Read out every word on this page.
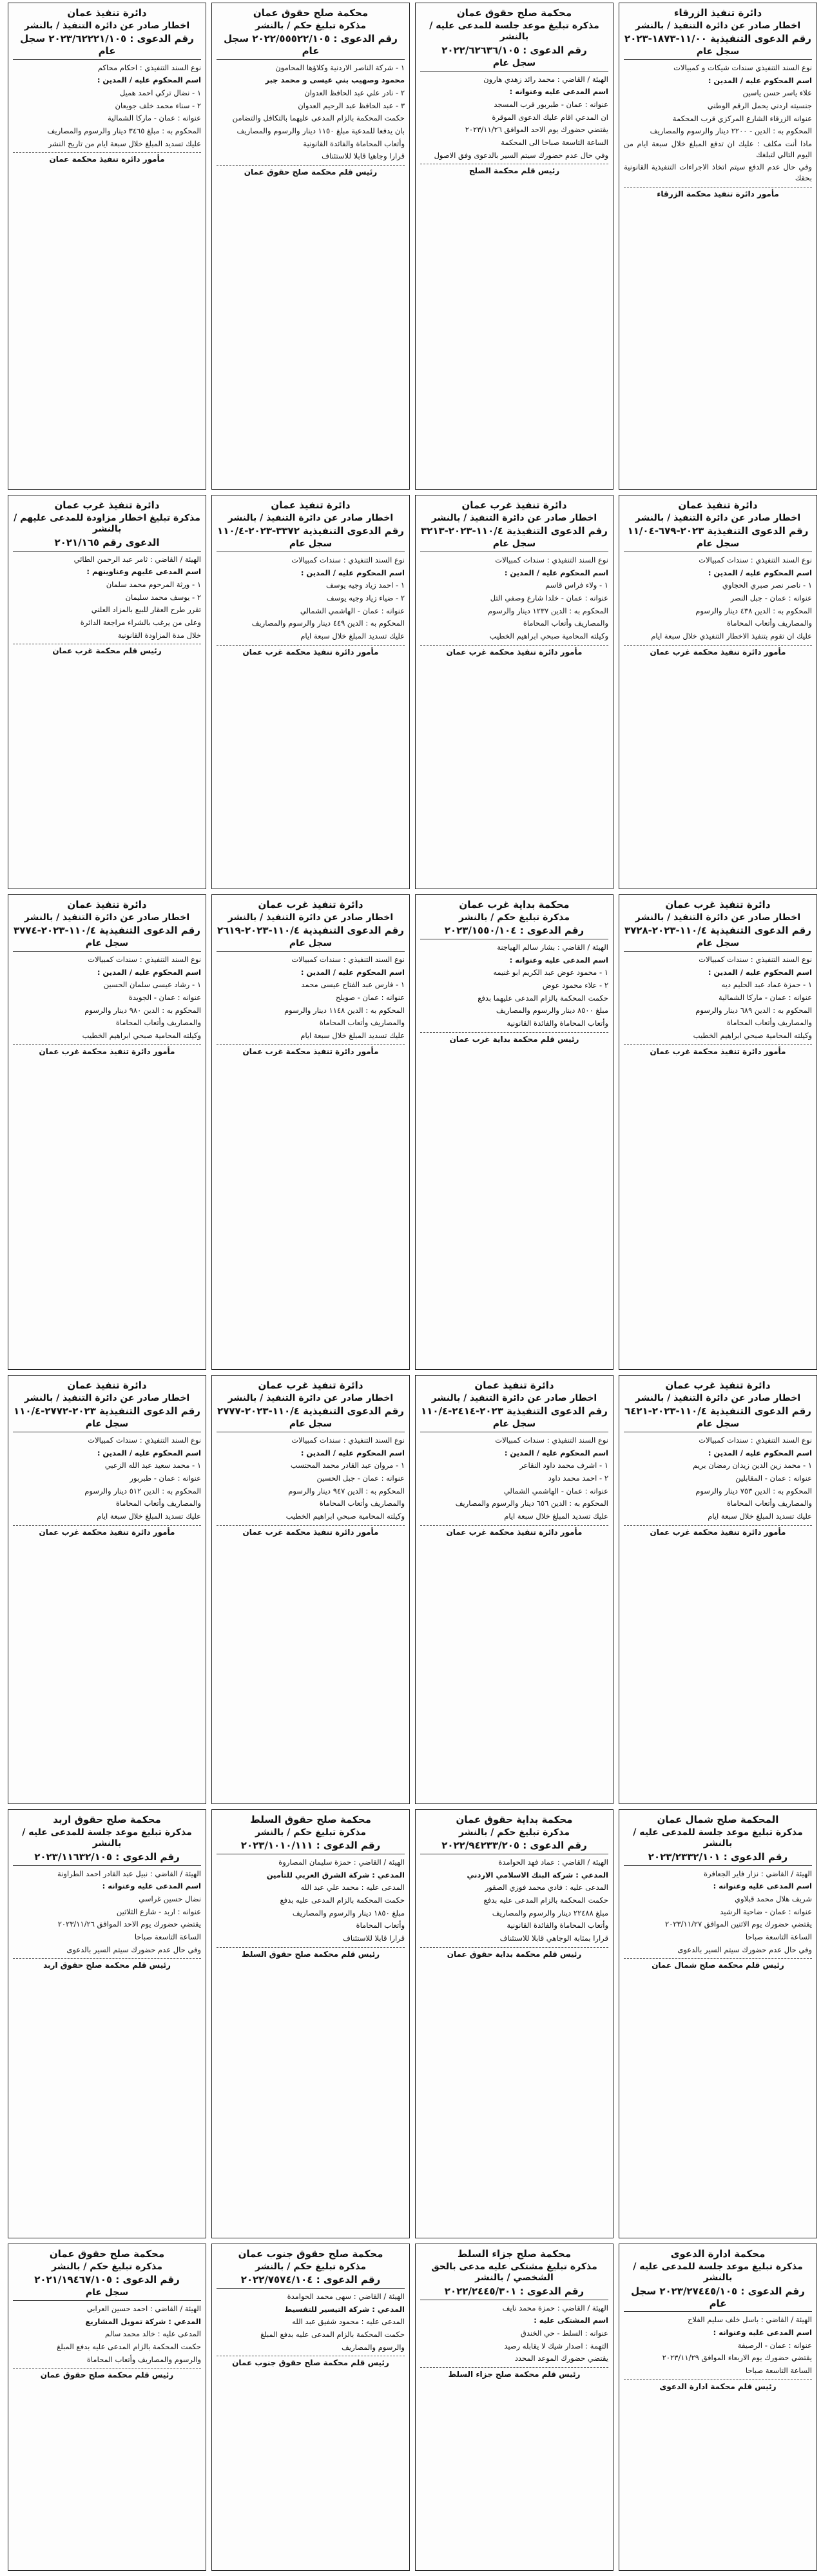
دائرة تنفيذ الزرقاء
اخطار صادر عن دائرة التنفيذ / بالنشر
رقم الدعوى التنفيذية ١١/٠٠-١٨٧٣-٢٠٢٣
سجل عام

نوع السند التنفيذي سندات شيكات و كمبيالات

اسم المحكوم عليه / المدين :

علاء ياسر حسن ياسين

جنسيته اردني يحمل الرقم الوطني

عنوانه الزرقاء الشارع المركزي قرب المحكمة

المحكوم به : الدين - ٢٢٠٠ دينار والرسوم والمصاريف

ماذا أنت مكلف : عليك ان تدفع المبلغ خلال سبعة ايام من اليوم التالي لتبلغك

وفي حال عدم الدفع سيتم اتخاذ الاجراءات التنفيذية القانونية بحقك

مأمور دائرة تنفيذ محكمة الزرقاء
محكمة صلح حقوق عمان
مذكرة تبليغ موعد جلسة للمدعى عليه / بالنشر
رقم الدعوى : ٢٠٢٢/٦٢٦٣٦/١٠٥
سجل عام

الهيئة / القاضي : محمد رائد زهدي هارون

اسم المدعى عليه وعنوانه :

عنوانه : عمان - طبربور قرب المسجد

ان المدعي اقام عليك الدعوى الموقرة

يقتضي حضورك يوم الاحد الموافق ٢٠٢٣/١١/٢٦

الساعة التاسعة صباحا الى المحكمة

وفي حال عدم حضورك سيتم السير بالدعوى وفق الاصول

رئيس قلم محكمة الصلح
محكمة صلح حقوق عمان
مذكرة تبليغ حكم / بالنشر
رقم الدعوى : ٢٠٢٢/٥٥٥٢٢/١٠٥ سجل عام

١ - شركة الناصر الاردنية وكلاؤها المحامون

محمود وصهيب بني عيسى و محمد جبر

٢ - نادر علي عبد الحافظ العدوان

٣ - عبد الحافظ عبد الرحيم العدوان

حكمت المحكمة بالزام المدعى عليهما بالتكافل والتضامن

بان يدفعا للمدعية مبلغ ١١٥٠ دينار والرسوم والمصاريف

وأتعاب المحاماة والفائدة القانونية

قرارا وجاهيا قابلا للاستئناف

رئيس قلم محكمة صلح حقوق عمان
دائرة تنفيذ عمان
اخطار صادر عن دائرة التنفيذ / بالنشر
رقم الدعوى : ٢٠٢٣/٦٢٢٢١/١٠٥ سجل عام

نوع السند التنفيذي : احكام محاكم

اسم المحكوم عليه / المدين :

١ - نضال تركي احمد هميل

٢ - سناء محمد خلف جويعان

عنوانه : عمان - ماركا الشمالية

المحكوم به : مبلغ ٣٤٦٥ دينار والرسوم والمصاريف

عليك تسديد المبلغ خلال سبعة ايام من تاريخ النشر

مأمور دائرة تنفيذ محكمة عمان
دائرة تنفيذ عمان
اخطار صادر عن دائرة التنفيذ / بالنشر
رقم الدعوى التنفيذية ٢٠٢٣-٦٧٩-١١/٠٤
سجل عام

نوع السند التنفيذي : سندات كمبيالات

اسم المحكوم عليه / المدين :

١ - ناصر نصر صبري الحجاوي

عنوانه : عمان - جبل النصر

المحكوم به : الدين ٤٣٨ دينار والرسوم

والمصاريف وأتعاب المحاماة

عليك ان تقوم بتنفيذ الاخطار التنفيذي خلال سبعة ايام

مأمور دائرة تنفيذ محكمة غرب عمان
دائرة تنفيذ غرب عمان
اخطار صادر عن دائرة التنفيذ / بالنشر
رقم الدعوى التنفيذية ١١٠/٤-٢٠٢٣-٣٢١٣
سجل عام

نوع السند التنفيذي : سندات كمبيالات

اسم المحكوم عليه / المدين :

١ - ولاء فراس قاسم

عنوانه : عمان - خلدا شارع وصفي التل

المحكوم به : الدين ١٢٣٧ دينار والرسوم

والمصاريف وأتعاب المحاماة

وكيلته المحامية صبحي ابراهيم الخطيب

مأمور دائرة تنفيذ محكمة غرب عمان
دائرة تنفيذ عمان
اخطار صادر عن دائرة التنفيذ / بالنشر
رقم الدعوى التنفيذية ٣٣٧٢-٢٠٢٣-١١٠/٤
سجل عام

نوع السند التنفيذي : سندات كمبيالات

اسم المحكوم عليه / المدين :

١ - احمد زياد وجيه يوسف

٢ - ضياء زياد وجيه يوسف

عنوانه : عمان - الهاشمي الشمالي

المحكوم به : الدين ٤٤٩ دينار والرسوم والمصاريف

عليك تسديد المبلغ خلال سبعة ايام

مأمور دائرة تنفيذ محكمة غرب عمان
دائرة تنفيذ غرب عمان
مذكرة تبليغ اخطار مزاودة للمدعى عليهم / بالنشر
الدعوى رقم ٢٠٢١/١٦٥

الهيئة / القاضي : ثامر عبد الرحمن الطائي

اسم المدعى عليهم وعناوينهم :

١ - ورثة المرحوم محمد سلمان

٢ - يوسف محمد سليمان

تقرر طرح العقار للبيع بالمزاد العلني

وعلى من يرغب بالشراء مراجعة الدائرة

خلال مدة المزاودة القانونية

رئيس قلم محكمة غرب عمان
دائرة تنفيذ غرب عمان
اخطار صادر عن دائرة التنفيذ / بالنشر
رقم الدعوى التنفيذية ١١٠/٤-٢٠٢٣-٣٧٢٨
سجل عام

نوع السند التنفيذي : سندات كمبيالات

اسم المحكوم عليه / المدين :

١ - حمزة عماد عبد الحليم ديه

عنوانه : عمان - ماركا الشمالية

المحكوم به : الدين ٦٨٩ دينار والرسوم

والمصاريف وأتعاب المحاماة

وكيلته المحامية صبحي ابراهيم الخطيب

مأمور دائرة تنفيذ محكمة غرب عمان
محكمة بداية غرب عمان
مذكرة تبليغ حكم / بالنشر
رقم الدعوى : ٢٠٢٣/١٥٥٠/١٠٤

الهيئة / القاضي : بشار سالم الهياجنة

اسم المدعى عليه وعنوانه :

١ - محمود عوض عبد الكريم ابو غنيمه

٢ - علاء محمود عوض

حكمت المحكمة بالزام المدعى عليهما بدفع

مبلغ ٨٥٠٠ دينار والرسوم والمصاريف

وأتعاب المحاماة والفائدة القانونية

رئيس قلم محكمة بداية غرب عمان
دائرة تنفيذ غرب عمان
اخطار صادر عن دائرة التنفيذ / بالنشر
رقم الدعوى التنفيذية ١١٠/٤-٢٠٢٣-٢٦١٩
سجل عام

نوع السند التنفيذي : سندات كمبيالات

اسم المحكوم عليه / المدين :

١ - فارس عبد الفتاح عيسى محمد

عنوانه : عمان - صويلح

المحكوم به : الدين ١١٤٨ دينار والرسوم

والمصاريف وأتعاب المحاماة

عليك تسديد المبلغ خلال سبعة ايام

مأمور دائرة تنفيذ محكمة غرب عمان
دائرة تنفيذ عمان
اخطار صادر عن دائرة التنفيذ / بالنشر
رقم الدعوى التنفيذية ١١٠/٤-٢٠٢٣-٣٧٧٤
سجل عام

نوع السند التنفيذي : سندات كمبيالات

اسم المحكوم عليه / المدين :

١ - رشاد عيسى سلمان الحسين

عنوانه : عمان - الجويدة

المحكوم به : الدين ٩٨٠ دينار والرسوم

والمصاريف وأتعاب المحاماة

وكيلته المحامية صبحي ابراهيم الخطيب

مأمور دائرة تنفيذ محكمة غرب عمان
دائرة تنفيذ غرب عمان
اخطار صادر عن دائرة التنفيذ / بالنشر
رقم الدعوى التنفيذية ١١٠/٤-٢٠٢٣-٦٤٢١
سجل عام

نوع السند التنفيذي : سندات كمبيالات

اسم المحكوم عليه / المدين :

١ - محمد زين الدين زيدان رمضان بريم

عنوانه : عمان - المقابلين

المحكوم به : الدين ٧٥٣ دينار والرسوم

والمصاريف وأتعاب المحاماة

عليك تسديد المبلغ خلال سبعة ايام

مأمور دائرة تنفيذ محكمة غرب عمان
دائرة تنفيذ عمان
اخطار صادر عن دائرة التنفيذ / بالنشر
رقم الدعوى التنفيذية ٢٠٢٣-٢٤١٤-١١٠/٤
سجل عام

نوع السند التنفيذي : سندات كمبيالات

اسم المحكوم عليه / المدين :

١ - اشرف محمد داود النقاعر

٢ - احمد محمد داود

عنوانه : عمان - الهاشمي الشمالي

المحكوم به : الدين ٦٥٦ دينار والرسوم والمصاريف

عليك تسديد المبلغ خلال سبعة ايام

مأمور دائرة تنفيذ محكمة غرب عمان
دائرة تنفيذ غرب عمان
اخطار صادر عن دائرة التنفيذ / بالنشر
رقم الدعوى التنفيذية ١١٠/٤-٢٠٢٣-٢٧٧٧
سجل عام

نوع السند التنفيذي : سندات كمبيالات

اسم المحكوم عليه / المدين :

١ - مروان عبد القادر محمد المحتسب

عنوانه : عمان - جبل الحسين

المحكوم به : الدين ٩٤٧ دينار والرسوم

والمصاريف وأتعاب المحاماة

وكيلته المحامية صبحي ابراهيم الخطيب

مأمور دائرة تنفيذ محكمة غرب عمان
دائرة تنفيذ عمان
اخطار صادر عن دائرة التنفيذ / بالنشر
رقم الدعوى التنفيذية ٢٠٢٣-٢٧٧٢-١١٠/٤
سجل عام

نوع السند التنفيذي : سندات كمبيالات

اسم المحكوم عليه / المدين :

١ - محمد سعيد عبد الله الزعبي

عنوانه : عمان - طبربور

المحكوم به : الدين ٥١٢ دينار والرسوم

والمصاريف وأتعاب المحاماة

عليك تسديد المبلغ خلال سبعة ايام

مأمور دائرة تنفيذ محكمة غرب عمان
المحكمة صلح شمال عمان
مذكرة تبليغ موعد جلسة للمدعى عليه / بالنشر
رقم الدعوى : ٢٠٢٣/٢٣٣٢/١٠١

الهيئة / القاضي : نزار فاير الجعافرة

اسم المدعى عليه وعنوانه :

شريف هلال محمد قبلاوي

عنوانه : عمان - ضاحية الرشيد

يقتضي حضورك يوم الاثنين الموافق ٢٠٢٣/١١/٢٧

الساعة التاسعة صباحا

وفي حال عدم حضورك سيتم السير بالدعوى

رئيس قلم محكمة صلح شمال عمان
محكمة بداية حقوق عمان
مذكرة تبليغ حكم / بالنشر
رقم الدعوى : ٢٠٢٢/٩٤٢٣٣/٢٠٥

الهيئة / القاضي : عماد فهد الحوامدة

المدعي : شركة البنك الاسلامي الاردني

المدعى عليه : فادي محمد فوزي الصقور

حكمت المحكمة بالزام المدعى عليه بدفع

مبلغ ٢٢٤٨٨ دينار والرسوم والمصاريف

وأتعاب المحاماة والفائدة القانونية

قرارا بمثابة الوجاهي قابلا للاستئناف

رئيس قلم محكمة بداية حقوق عمان
محكمة صلح حقوق السلط
مذكرة تبليغ حكم / بالنشر
رقم الدعوى : ٢٠٢٣/١٠١٠/١١١

الهيئة / القاضي : حمزة سليمان المصاروة

المدعي : شركة الشرق العربي للتأمين

المدعى عليه : محمد علي عبد الله

حكمت المحكمة بالزام المدعى عليه بدفع

مبلغ ١٨٥٠ دينار والرسوم والمصاريف

وأتعاب المحاماة

قرارا قابلا للاستئناف

رئيس قلم محكمة صلح حقوق السلط
محكمة صلح حقوق اربد
مذكرة تبليغ موعد جلسة للمدعى عليه / بالنشر
رقم الدعوى : ٢٠٢٣/١١٦٣٢/١٠٥

الهيئة / القاضي : نبيل عبد القادر احمد الطراونة

اسم المدعى عليه وعنوانه :

نضال حسين غراسي

عنوانه : اربد - شارع الثلاثين

يقتضي حضورك يوم الاحد الموافق ٢٠٢٣/١١/٢٦

الساعة التاسعة صباحا

وفي حال عدم حضورك سيتم السير بالدعوى

رئيس قلم محكمة صلح حقوق اربد
محكمة ادارة الدعوى
مذكرة تبليغ موعد جلسة للمدعى عليه / بالنشر
رقم الدعوى : ٢٠٢٣/٢٧٤٤٥/١٠٥ سجل عام

الهيئة / القاضي : باسل خلف سليم الفلاح

اسم المدعى عليه وعنوانه :

عنوانه : عمان - الرصيفة

يقتضي حضورك يوم الاربعاء الموافق ٢٠٢٣/١١/٢٩

الساعة التاسعة صباحا

رئيس قلم محكمة ادارة الدعوى
محكمة صلح جزاء السلط
مذكرة تبليغ مشتكى عليه مدعى بالحق الشخصي / بالنشر
رقم الدعوى : ٢٠٢٢/٢٤٤٥/٣٠١

الهيئة / القاضي : حمزة محمد نايف

اسم المشتكى عليه :

عنوانه : السلط - حي الخندق

التهمة : اصدار شيك لا يقابله رصيد

يقتضي حضورك الموعد المحدد

رئيس قلم محكمة صلح جزاء السلط
محكمة صلح حقوق جنوب عمان
مذكرة تبليغ حكم / بالنشر
رقم الدعوى : ٢٠٢٢/٧٥٧٤/١٠٤

الهيئة / القاضي : سهى محمد الحوامدة

المدعي : شركة التيسير للتقسيط

المدعى عليه : محمود شفيق عبد الله

حكمت المحكمة بالزام المدعى عليه بدفع المبلغ

والرسوم والمصاريف

رئيس قلم محكمة صلح حقوق جنوب عمان
محكمة صلح حقوق عمان
مذكرة تبليغ حكم / بالنشر
رقم الدعوى : ٢٠٢١/١٩٤٦٧/١٠٥
سجل عام

الهيئة / القاضي : احمد حسين العرابي

المدعي : شركة تمويل المشاريع

المدعى عليه : خالد محمد سالم

حكمت المحكمة بالزام المدعى عليه بدفع المبلغ

والرسوم والمصاريف وأتعاب المحاماة

رئيس قلم محكمة صلح حقوق عمان
